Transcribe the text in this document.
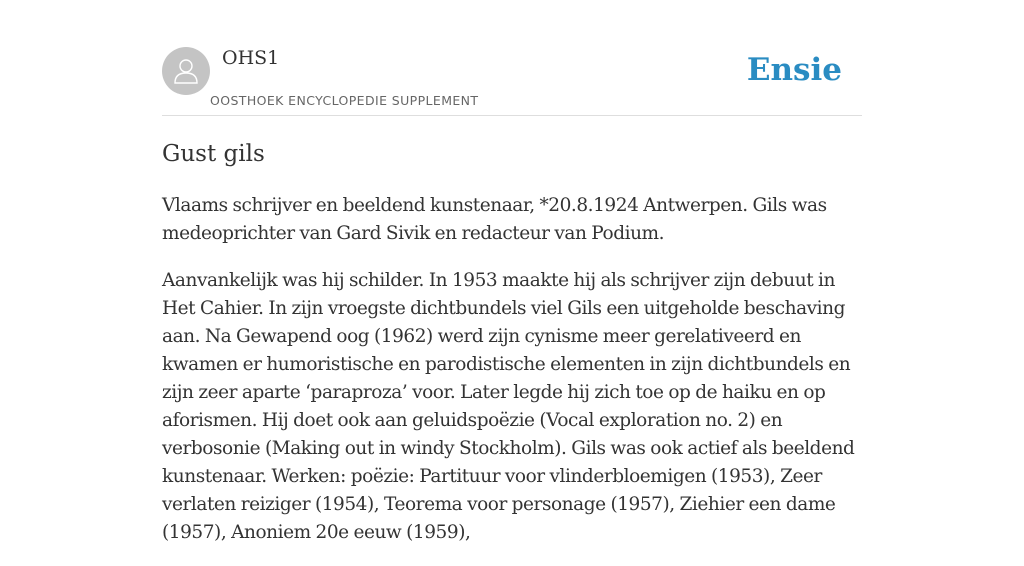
OHS1
OOSTHOEK ENCYCLOPEDIE SUPPLEMENT
Ensie
Gust gils

Vlaams schrijver en beeldend kunstenaar, *20.8.1924 Antwerpen. Gils was medeoprichter van Gard Sivik en redacteur van Podium.

Aanvankelijk was hij schilder. In 1953 maakte hij als schrijver zijn debuut in Het Cahier. In zijn vroegste dichtbundels viel Gils een uitgeholde beschaving aan. Na Gewapend oog (1962) werd zijn cynisme meer gerelativeerd en kwamen er humoristische en parodistische elementen in zijn dichtbundels en zijn zeer aparte ‘paraproza’ voor. Later legde hij zich toe op de haiku en op aforismen. Hij doet ook aan geluidspoëzie (Vocal exploration no. 2) en verbosonie (Making out in windy Stockholm). Gils was ook actief als beeldend kunstenaar. Werken: poëzie: Partituur voor vlinderbloemigen (1953), Zeer verlaten reiziger (1954), Teorema voor personage (1957), Ziehier een dame (1957), Anoniem 20e eeuw (1959),
